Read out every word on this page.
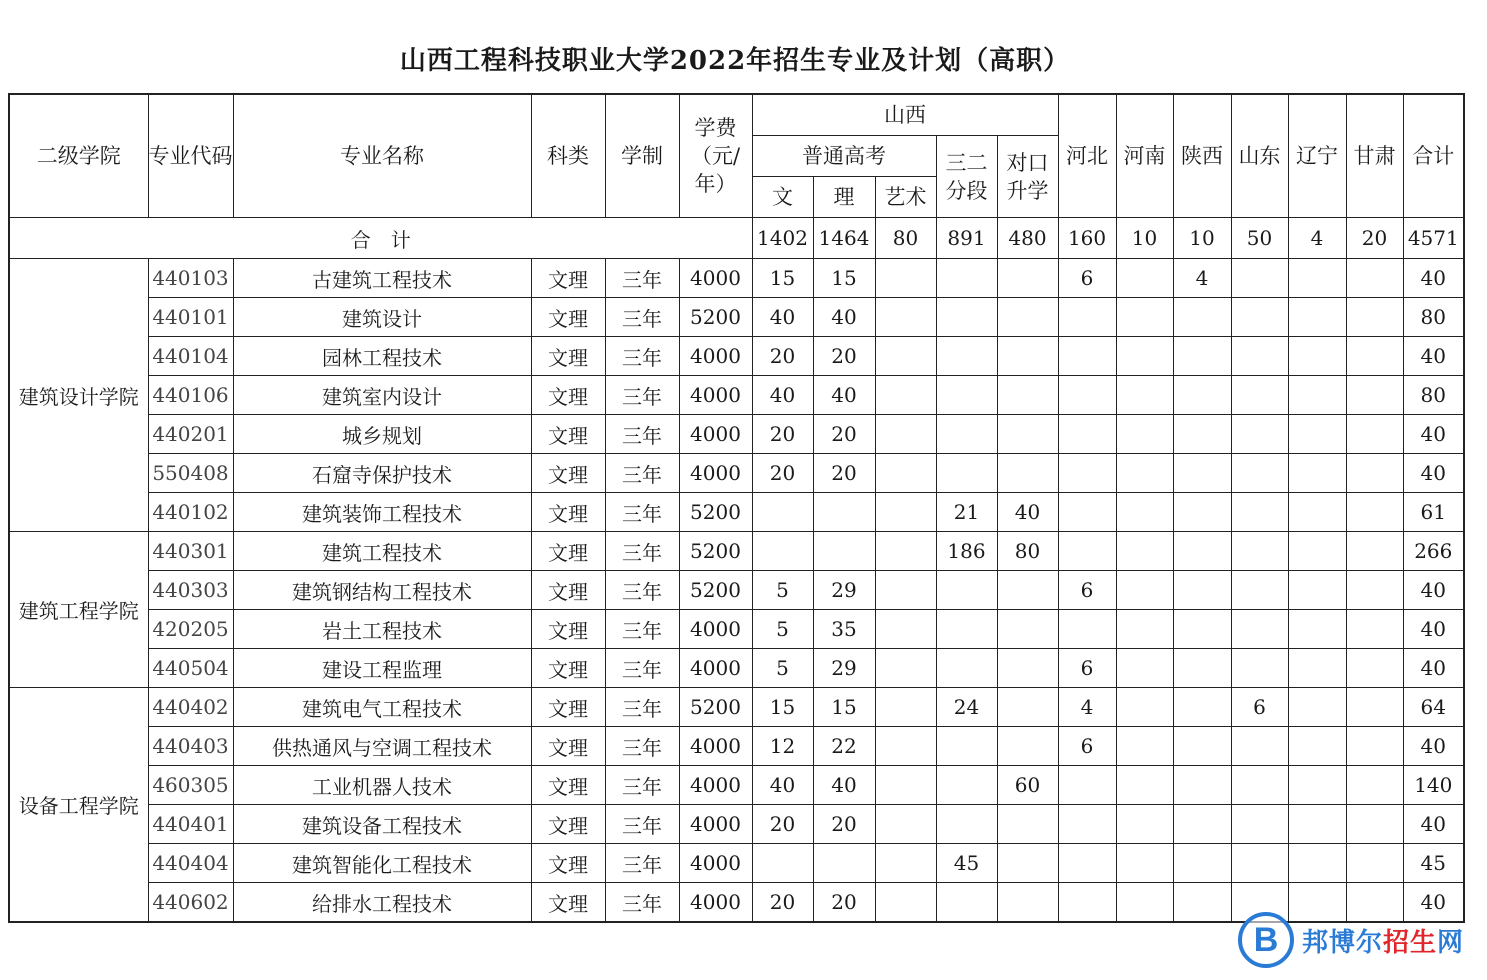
山西工程科技职业大学2022年招生专业及计划（高职）
二级学院	专业代码	专业名称	科类	学制	学费（元/年）	山西					河北	河南	陕西	山东	辽宁	甘肃	合计
						普通高考			三二分段	对口升学							
						文	理	艺术									
合　计						1402	1464	80	891	480	160	10	10	50	4	20	4571
建筑设计学院	440103	古建筑工程技术	文理	三年	4000	15	15				6		4				40
	440101	建筑设计	文理	三年	5200	40	40										80
	440104	园林工程技术	文理	三年	4000	20	20										40
	440106	建筑室内设计	文理	三年	4000	40	40										80
	440201	城乡规划	文理	三年	4000	20	20										40
	550408	石窟寺保护技术	文理	三年	4000	20	20										40
	440102	建筑装饰工程技术	文理	三年	5200				21	40							61
建筑工程学院	440301	建筑工程技术	文理	三年	5200				186	80							266
	440303	建筑钢结构工程技术	文理	三年	5200	5	29				6						40
	420205	岩土工程技术	文理	三年	4000	5	35										40
	440504	建设工程监理	文理	三年	4000	5	29				6						40
设备工程学院	440402	建筑电气工程技术	文理	三年	5200	15	15		24		4			6			64
	440403	供热通风与空调工程技术	文理	三年	4000	12	22				6						40
	460305	工业机器人技术	文理	三年	4000	40	40			60							140
	440401	建筑设备工程技术	文理	三年	4000	20	20										40
	440404	建筑智能化工程技术	文理	三年	4000				45								45
	440602	给排水工程技术	文理	三年	4000	20	20										40
B 邦博尔招生网
